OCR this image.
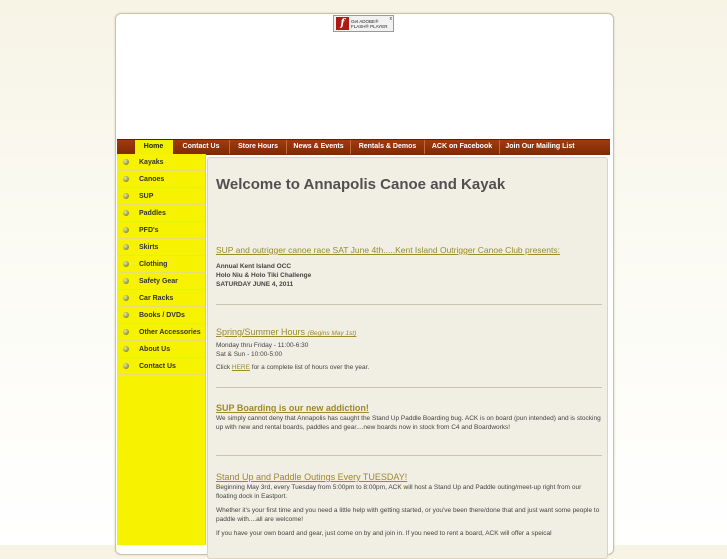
f	Get ADOBE®
FLASH® PLAYER
x
Home	Contact Us	Store Hours	News & Events	Rentals & Demos	ACK on Facebook	Join Our Mailing List
Kayaks
Canoes
SUP
Paddles
PFD's
Skirts
Clothing
Safety Gear
Car Racks
Books / DVDs
Other Accessories
About Us
Contact Us
Welcome to Annapolis Canoe and Kayak
SUP and outrigger canoe race SAT June 4th.....Kent Island Outrigger Canoe Club presents:
Annual Kent Island OCC
Holo Niu & Holo Tiki Challenge
SATURDAY JUNE 4, 2011
Spring/Summer Hours (Begins May 1st)
Monday thru Friday - 11:00-6:30
Sat & Sun - 10:00-5:00
Click HERE for a complete list of hours over the year.
SUP Boarding is our new addiction!
We simply cannot deny that Annapolis has caught the Stand Up Paddle Boarding bug. ACK is on board (pun intended) and is stocking up with new and rental boards, paddles and gear....new boards now in stock from C4 and Boardworks!
Stand Up and Paddle Outings Every TUESDAY!
Beginning May 3rd, every Tuesday from 5:00pm to 8:00pm, ACK will host a Stand Up and Paddle outing/meet-up right from our floating dock in Eastport.
Whether it's your first time and you need a little help with getting started, or you've been there/done that and just want some people to paddle with....all are welcome!
If you have your own board and gear, just come on by and join in. If you need to rent a board, ACK will offer a speical
